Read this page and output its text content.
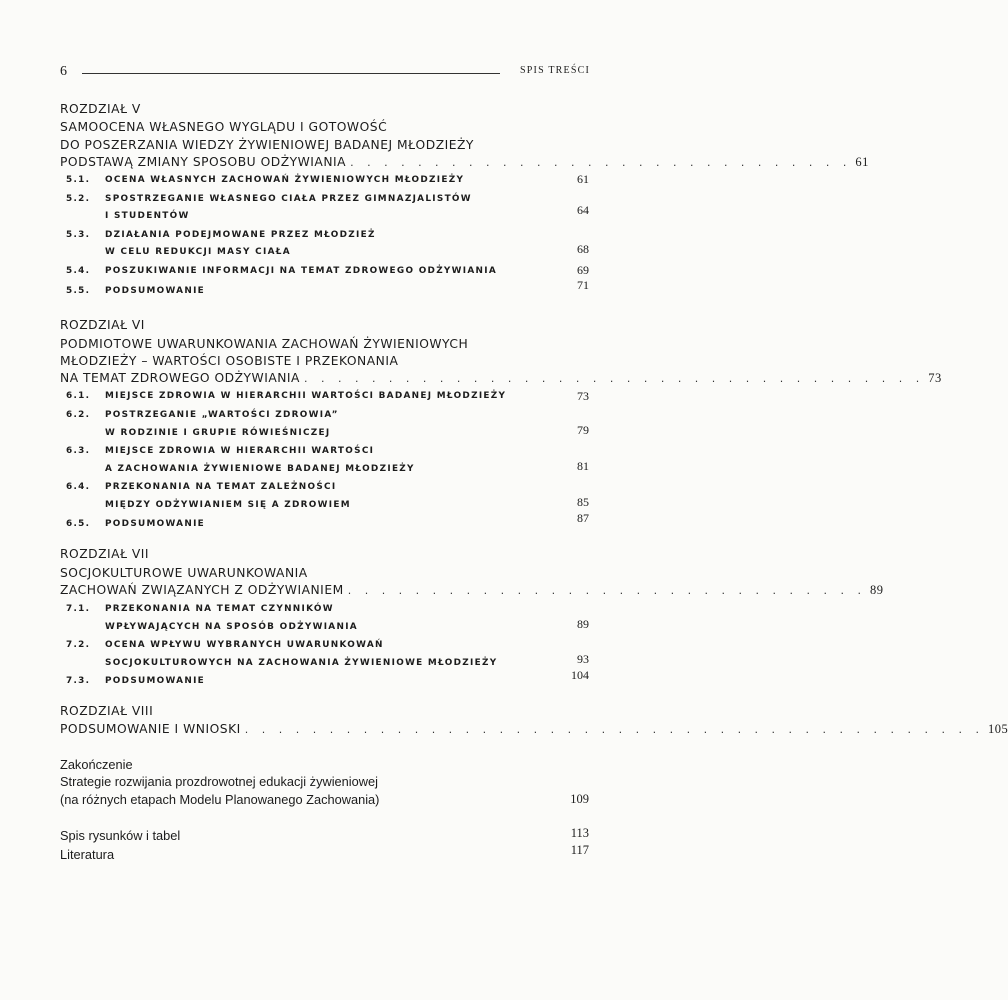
6	SPIS TREŚCI
ROZDZIAŁ V
SAMOOCENA WŁASNEGO WYGLĄDU I GOTOWOŚĆ
DO POSZERZANIA WIEDZY ŻYWIENIOWEJ BADANEJ MŁODZIEŻY
PODSTAWĄ ZMIANY SPOSOBU ODŻYWIANIA . . . . . . . . . . . . . . . . . . . . . . . . . . . . . . 61
5.1. OCENA WŁASNYCH ZACHOWAŃ ŻYWIENIOWYCH MŁODZIEŻY	61
5.2. SPOSTRZEGANIE WŁASNEGO CIAŁA PRZEZ GIMNAZJALISTÓW
I STUDENTÓW	64
5.3. DZIAŁANIA PODEJMOWANE PRZEZ MŁODZIEŻ
W CELU REDUKCJI MASY CIAŁA	68
5.4. POSZUKIWANIE INFORMACJI NA TEMAT ZDROWEGO ODŻYWIANIA	69
5.5. PODSUMOWANIE	71
ROZDZIAŁ VI
PODMIOTOWE UWARUNKOWANIA ZACHOWAŃ ŻYWIENIOWYCH
MŁODZIEŻY – WARTOŚCI OSOBISTE I PRZEKONANIA
NA TEMAT ZDROWEGO ODŻYWIANIA . . . . . . . . . . . . . . . . . . . . . . . . . . . . . . . . . . . . . 73
6.1. MIEJSCE ZDROWIA W HIERARCHII WARTOŚCI BADANEJ MŁODZIEŻY	73
6.2. POSTRZEGANIE „WARTOŚCI ZDROWIA”
W RODZINIE I GRUPIE RÓWIEŚNICZEJ	79
6.3. MIEJSCE ZDROWIA W HIERARCHII WARTOŚCI
A ZACHOWANIA ŻYWIENIOWE BADANEJ MŁODZIEŻY	81
6.4. PRZEKONANIA NA TEMAT ZALEŻNOŚCI
MIĘDZY ODŻYWIANIEM SIĘ A ZDROWIEM	85
6.5. PODSUMOWANIE	87
ROZDZIAŁ VII
SOCJOKULTUROWE UWARUNKOWANIA
ZACHOWAŃ ZWIĄZANYCH Z ODŻYWIANIEM . . . . . . . . . . . . . . . . . . . . . . . . . . . . . . . 89
7.1. PRZEKONANIA NA TEMAT CZYNNIKÓW
WPŁYWAJĄCYCH NA SPOSÓB ODŻYWIANIA	89
7.2. OCENA WPŁYWU WYBRANYCH UWARUNKOWAŃ
SOCJOKULTUROWYCH NA ZACHOWANIA ŻYWIENIOWE MŁODZIEŻY	93
7.3. PODSUMOWANIE	104
ROZDZIAŁ VIII
PODSUMOWANIE I WNIOSKI . . . . . . . . . . . . . . . . . . . . . . . . . . . . . . . . . . . . . . . . . . . . 105
Zakończenie
Strategie rozwijania prozdrowotnej edukacji żywieniowej
(na różnych etapach Modelu Planowanego Zachowania)	109
Spis rysunków i tabel	113
Literatura	117
